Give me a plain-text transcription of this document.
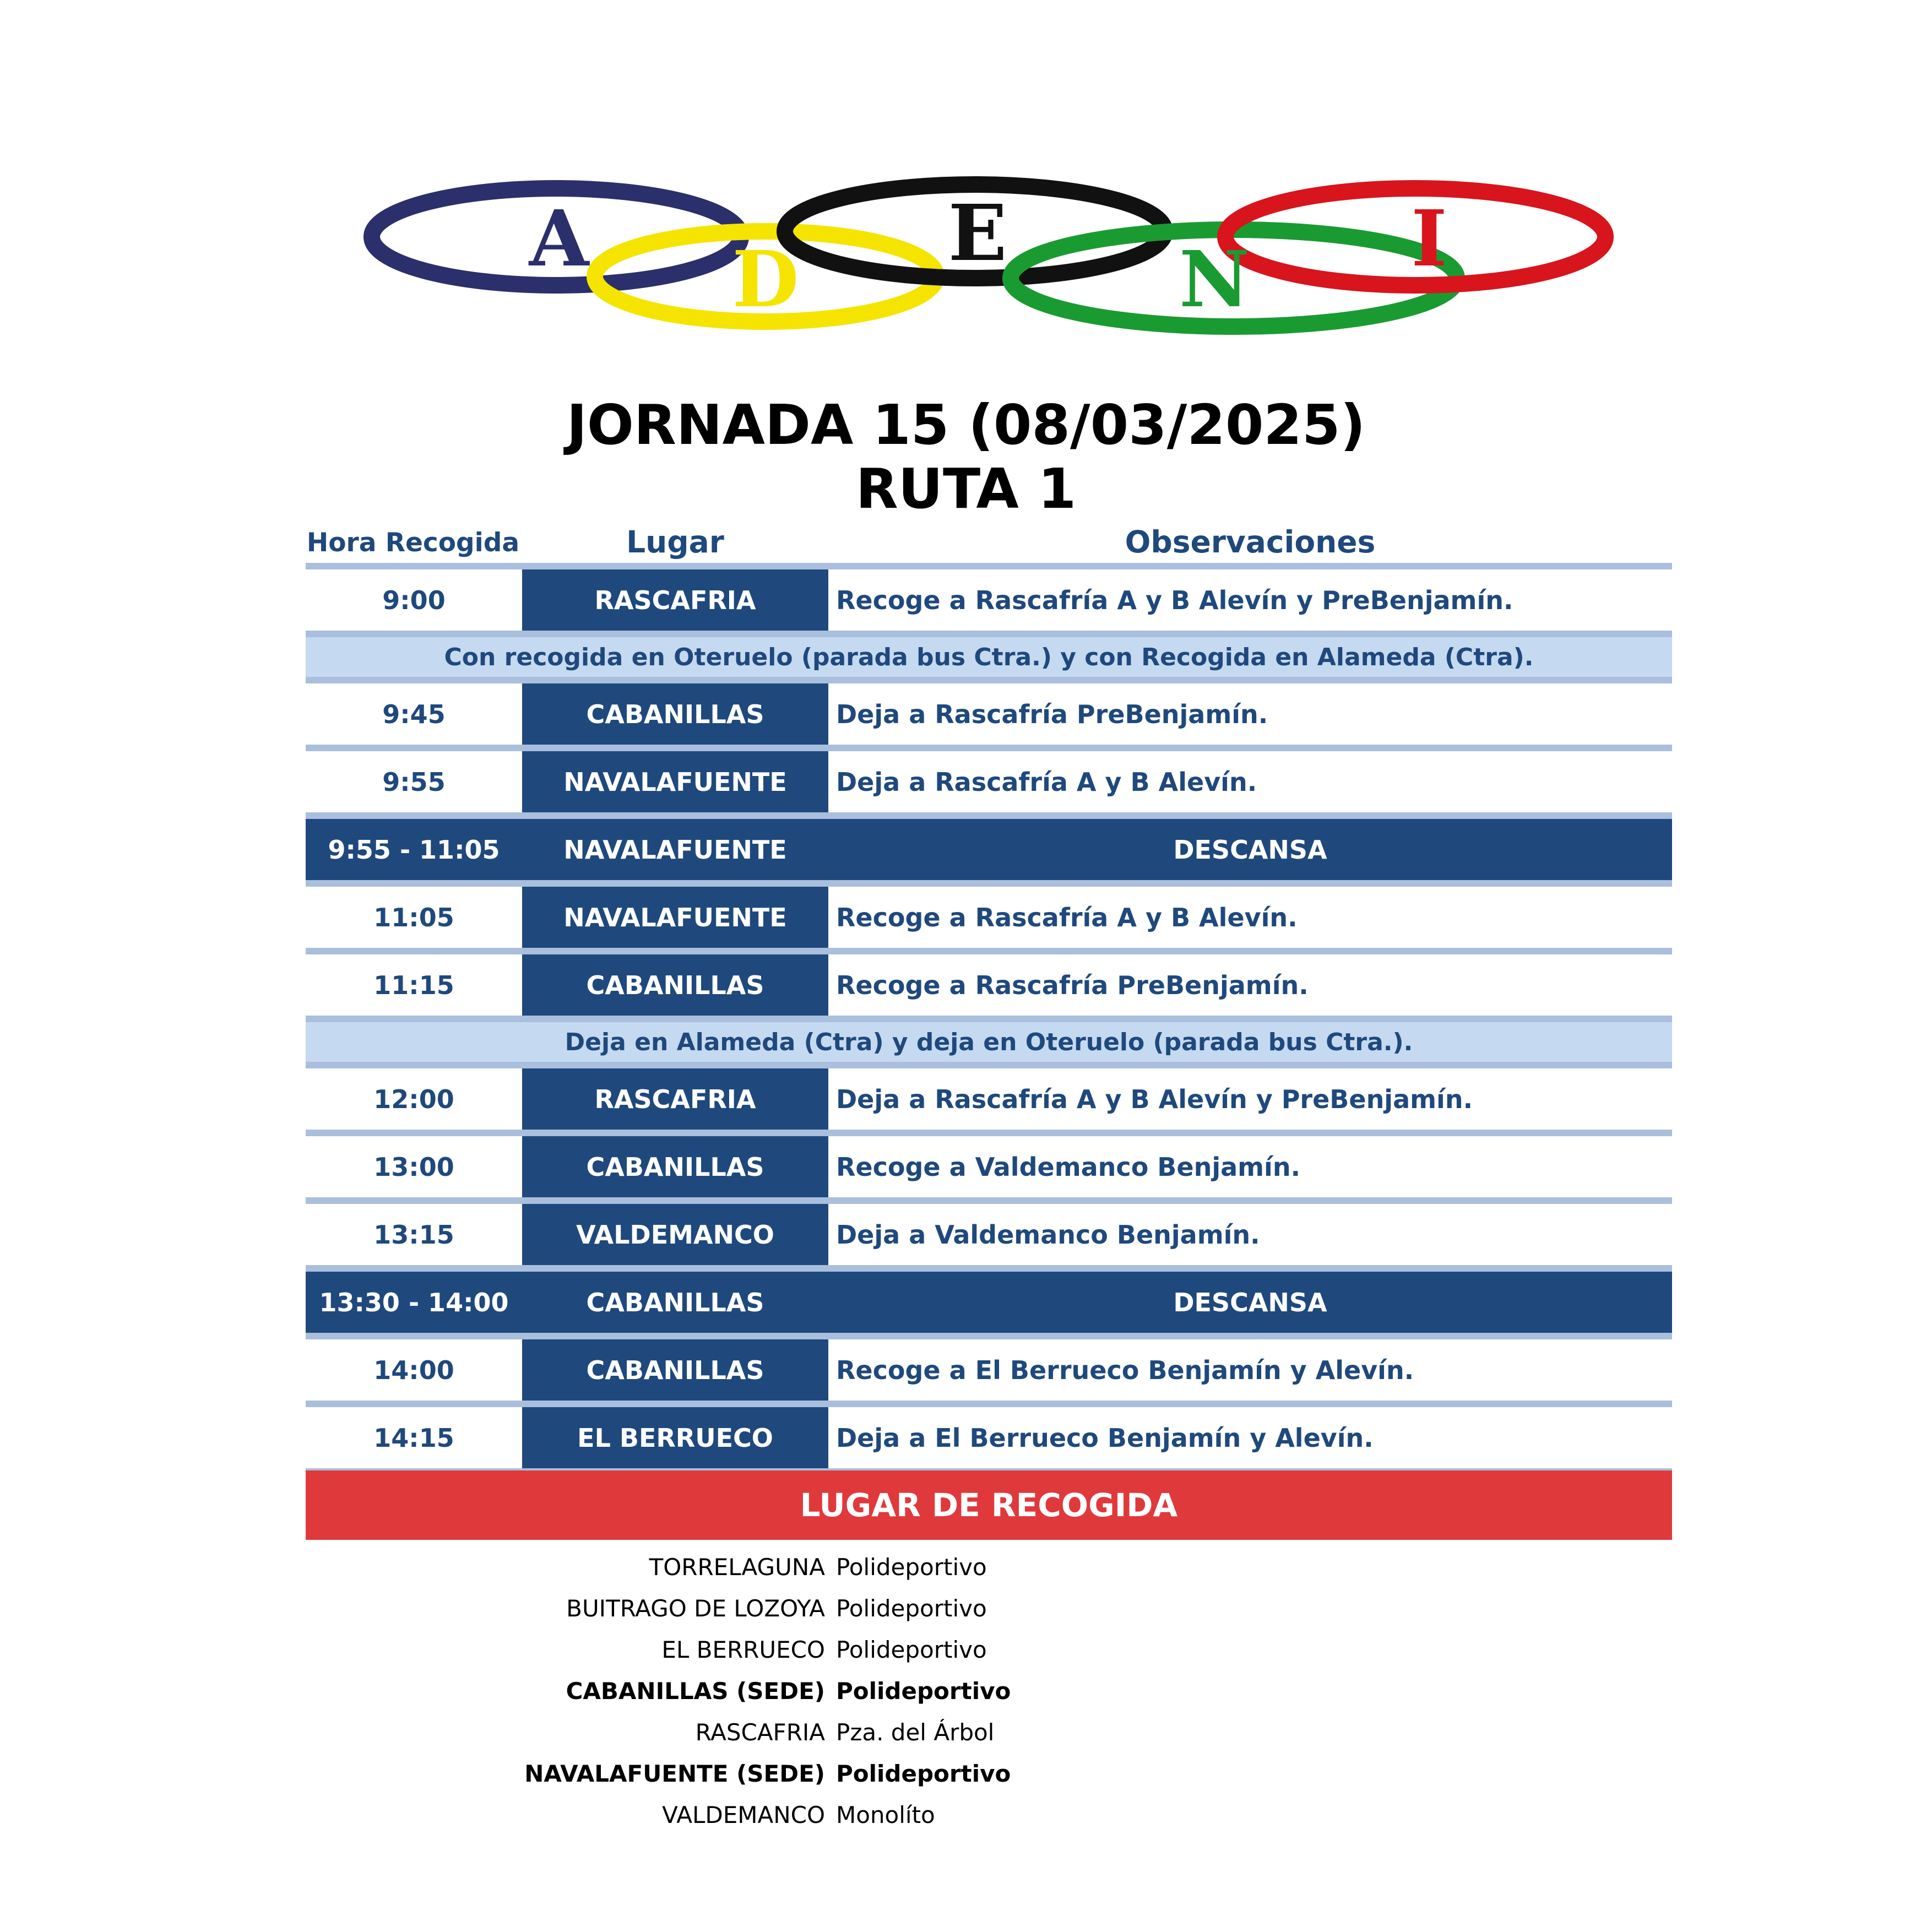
A D
E
N I
JORNADA 15 (08/03/2025)
RUTA 1
Hora Recogida	Lugar	Observaciones
9:00	RASCAFRIA	Recoge a Rascafría A y B Alevín y PreBenjamín.
Con recogida en Oteruelo (parada bus Ctra.) y con Recogida en Alameda (Ctra).
9:45	CABANILLAS	Deja a Rascafría PreBenjamín.
9:55	NAVALAFUENTE	Deja a Rascafría A y B Alevín.
9:55 - 11:05	NAVALAFUENTE	DESCANSA
11:05	NAVALAFUENTE	Recoge a Rascafría A y B Alevín.
11:15	CABANILLAS	Recoge a Rascafría PreBenjamín.
Deja en Alameda (Ctra) y deja en Oteruelo (parada bus Ctra.).
12:00	RASCAFRIA	Deja a Rascafría A y B Alevín y PreBenjamín.
13:00	CABANILLAS	Recoge a Valdemanco Benjamín.
13:15	VALDEMANCO	Deja a Valdemanco Benjamín.
13:30 - 14:00	CABANILLAS	DESCANSA
14:00	CABANILLAS	Recoge a El Berrueco Benjamín y Alevín.
14:15	EL BERRUECO	Deja a El Berrueco Benjamín y Alevín.
LUGAR DE RECOGIDA
TORRELAGUNA Polideportivo
BUITRAGO DE LOZOYA Polideportivo
EL BERRUECO Polideportivo
CABANILLAS (SEDE) Polideportivo
RASCAFRIA Pza. del Árbol
NAVALAFUENTE (SEDE) Polideportivo
VALDEMANCO Monolíto
